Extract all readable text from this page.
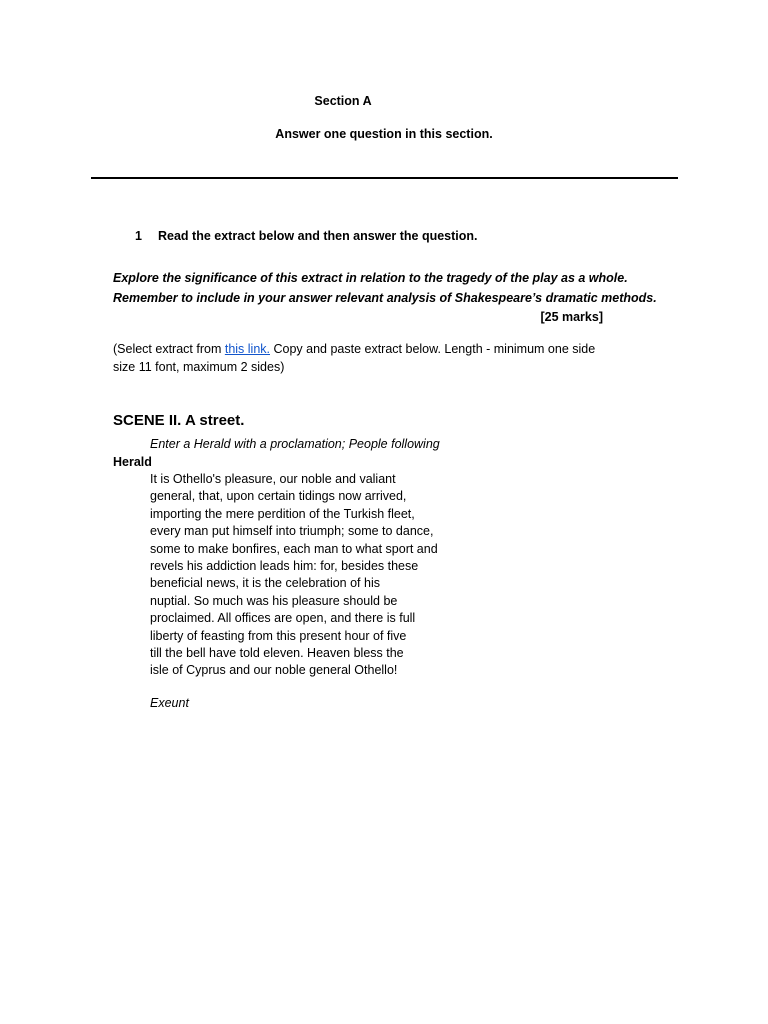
Section A
Answer one question in this section.
1 Read the extract below and then answer the question.

Explore the significance of this extract in relation to the tragedy of the play as a whole.

Remember to include in your answer relevant analysis of Shakespeare’s dramatic methods.

[25 marks]
(Select extract from this link. Copy and paste extract below. Length - minimum one side size 11 font, maximum 2 sides)
SCENE II. A street.
Enter a Herald with a proclamation; People following
Herald
It is Othello's pleasure, our noble and valiant
general, that, upon certain tidings now arrived,
importing the mere perdition of the Turkish fleet,
every man put himself into triumph; some to dance,
some to make bonfires, each man to what sport and
revels his addiction leads him: for, besides these
beneficial news, it is the celebration of his
nuptial. So much was his pleasure should be
proclaimed. All offices are open, and there is full
liberty of feasting from this present hour of five
till the bell have told eleven. Heaven bless the
isle of Cyprus and our noble general Othello!
Exeunt
